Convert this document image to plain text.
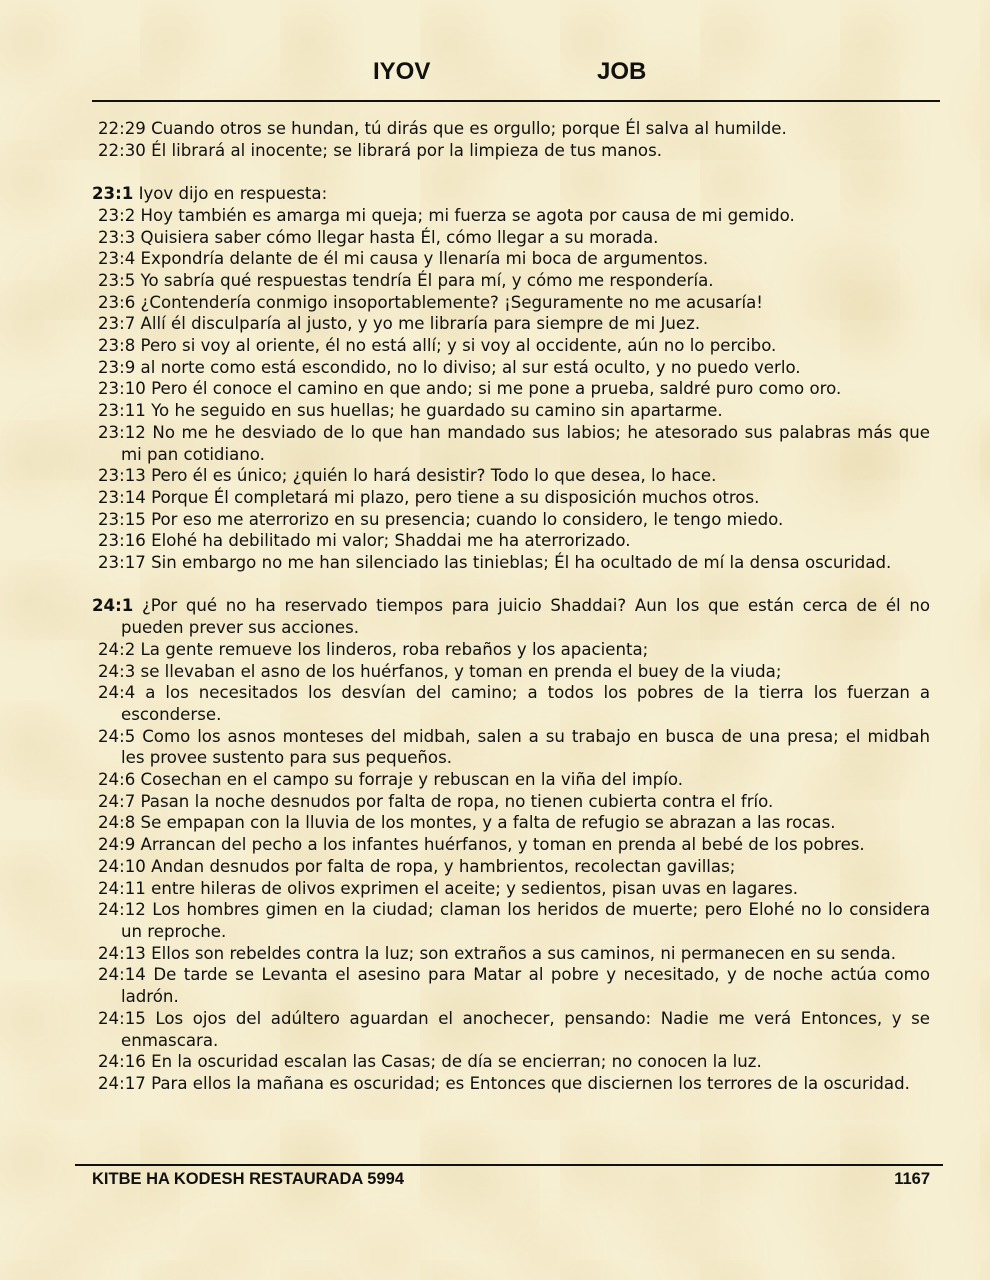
IYOV	JOB
22:29 Cuando otros se hundan, tú dirás que es orgullo; porque Él salva al humilde.
22:30 Él librará al inocente; se librará por la limpieza de tus manos.
23:1 Iyov dijo en respuesta:
23:2 Hoy también es amarga mi queja; mi fuerza se agota por causa de mi gemido.
23:3 Quisiera saber cómo llegar hasta Él, cómo llegar a su morada.
23:4 Expondría delante de él mi causa y llenaría mi boca de argumentos.
23:5 Yo sabría qué respuestas tendría Él para mí, y cómo me respondería.
23:6 ¿Contendería conmigo insoportablemente? ¡Seguramente no me acusaría!
23:7 Allí él disculparía al justo, y yo me libraría para siempre de mi Juez.
23:8 Pero si voy al oriente, él no está allí; y si voy al occidente, aún no lo percibo.
23:9 al norte como está escondido, no lo diviso; al sur está oculto, y no puedo verlo.
23:10 Pero él conoce el camino en que ando; si me pone a prueba, saldré puro como oro.
23:11 Yo he seguido en sus huellas; he guardado su camino sin apartarme.
23:12 No me he desviado de lo que han mandado sus labios; he atesorado sus palabras más que mi pan cotidiano.
23:13 Pero él es único; ¿quién lo hará desistir? Todo lo que desea, lo hace.
23:14 Porque Él completará mi plazo, pero tiene a su disposición muchos otros.
23:15 Por eso me aterrorizo en su presencia; cuando lo considero, le tengo miedo.
23:16 Elohé ha debilitado mi valor; Shaddai me ha aterrorizado.
23:17 Sin embargo no me han silenciado las tinieblas; Él ha ocultado de mí la densa oscuridad.
24:1 ¿Por qué no ha reservado tiempos para juicio Shaddai? Aun los que están cerca de él no pueden prever sus acciones.
24:2 La gente remueve los linderos, roba rebaños y los apacienta;
24:3 se llevaban el asno de los huérfanos, y toman en prenda el buey de la viuda;
24:4 a los necesitados los desvían del camino; a todos los pobres de la tierra los fuerzan a esconderse.
24:5 Como los asnos monteses del midbah, salen a su trabajo en busca de una presa; el midbah les provee sustento para sus pequeños.
24:6 Cosechan en el campo su forraje y rebuscan en la viña del impío.
24:7 Pasan la noche desnudos por falta de ropa, no tienen cubierta contra el frío.
24:8 Se empapan con la lluvia de los montes, y a falta de refugio se abrazan a las rocas.
24:9 Arrancan del pecho a los infantes huérfanos, y toman en prenda al bebé de los pobres.
24:10 Andan desnudos por falta de ropa, y hambrientos, recolectan gavillas;
24:11 entre hileras de olivos exprimen el aceite; y sedientos, pisan uvas en lagares.
24:12 Los hombres gimen en la ciudad; claman los heridos de muerte; pero Elohé no lo considera un reproche.
24:13 Ellos son rebeldes contra la luz; son extraños a sus caminos, ni permanecen en su senda.
24:14 De tarde se Levanta el asesino para Matar al pobre y necesitado, y de noche actúa como ladrón.
24:15 Los ojos del adúltero aguardan el anochecer, pensando: Nadie me verá Entonces, y se enmascara.
24:16 En la oscuridad escalan las Casas; de día se encierran; no conocen la luz.
24:17 Para ellos la mañana es oscuridad; es Entonces que disciernen los terrores de la oscuridad.
KITBE HA KODESH RESTAURADA 5994	1167
